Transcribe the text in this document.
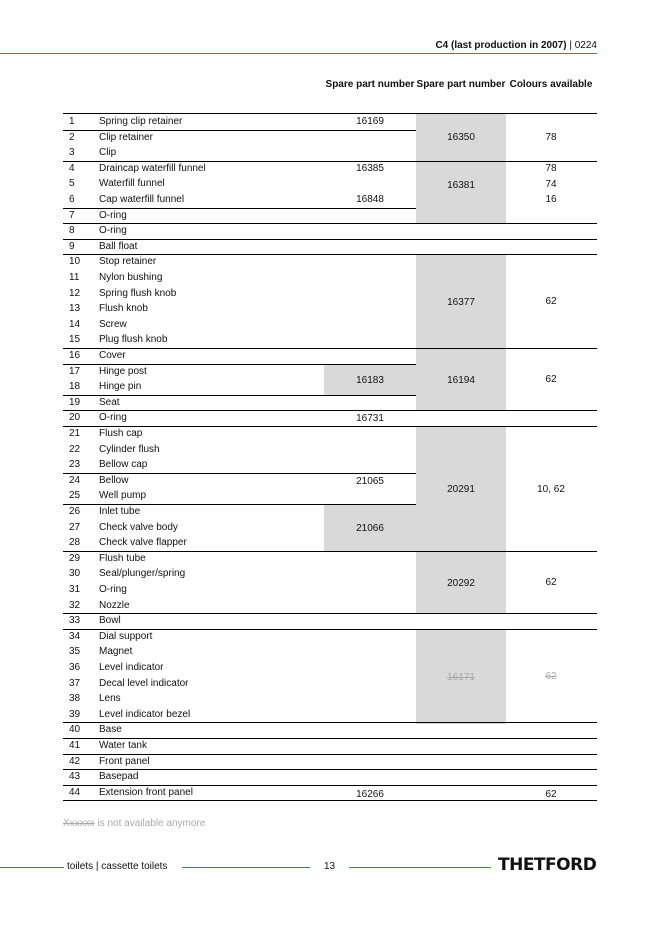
C4 (last production in 2007) | 0224
Spare part number Spare part number Colours available
16350
16381
16377
16194
20291
20292
16171
16183
21066
16169
16385
16848
16731
21065
16266
78
78
74
16
62
62
10, 62
62
62
62
1 Spring clip retainer
2 Clip retainer
3 Clip
4 Draincap waterfill funnel
5 Waterfill funnel
6 Cap waterfill funnel
7 O-ring
8 O-ring
9 Ball float
10 Stop retainer
11 Nylon bushing
12 Spring flush knob
13 Flush knob
14 Screw
15 Plug flush knob
16 Cover
17 Hinge post
18 Hinge pin
19 Seat
20 O-ring
21 Flush cap
22 Cylinder flush
23 Bellow cap
24 Bellow
25 Well pump
26 Inlet tube
27 Check valve body
28 Check valve flapper
29 Flush tube
30 Seal/plunger/spring
31 O-ring
32 Nozzle
33 Bowl
34 Dial support
35 Magnet
36 Level indicator
37 Decal level indicator
38 Lens
39 Level indicator bezel
40 Base
41 Water tank
42 Front panel
43 Basepad
44 Extension front panel
Xxxxxx is not available anymore
toilets | cassette toilets	13	THETFORD
